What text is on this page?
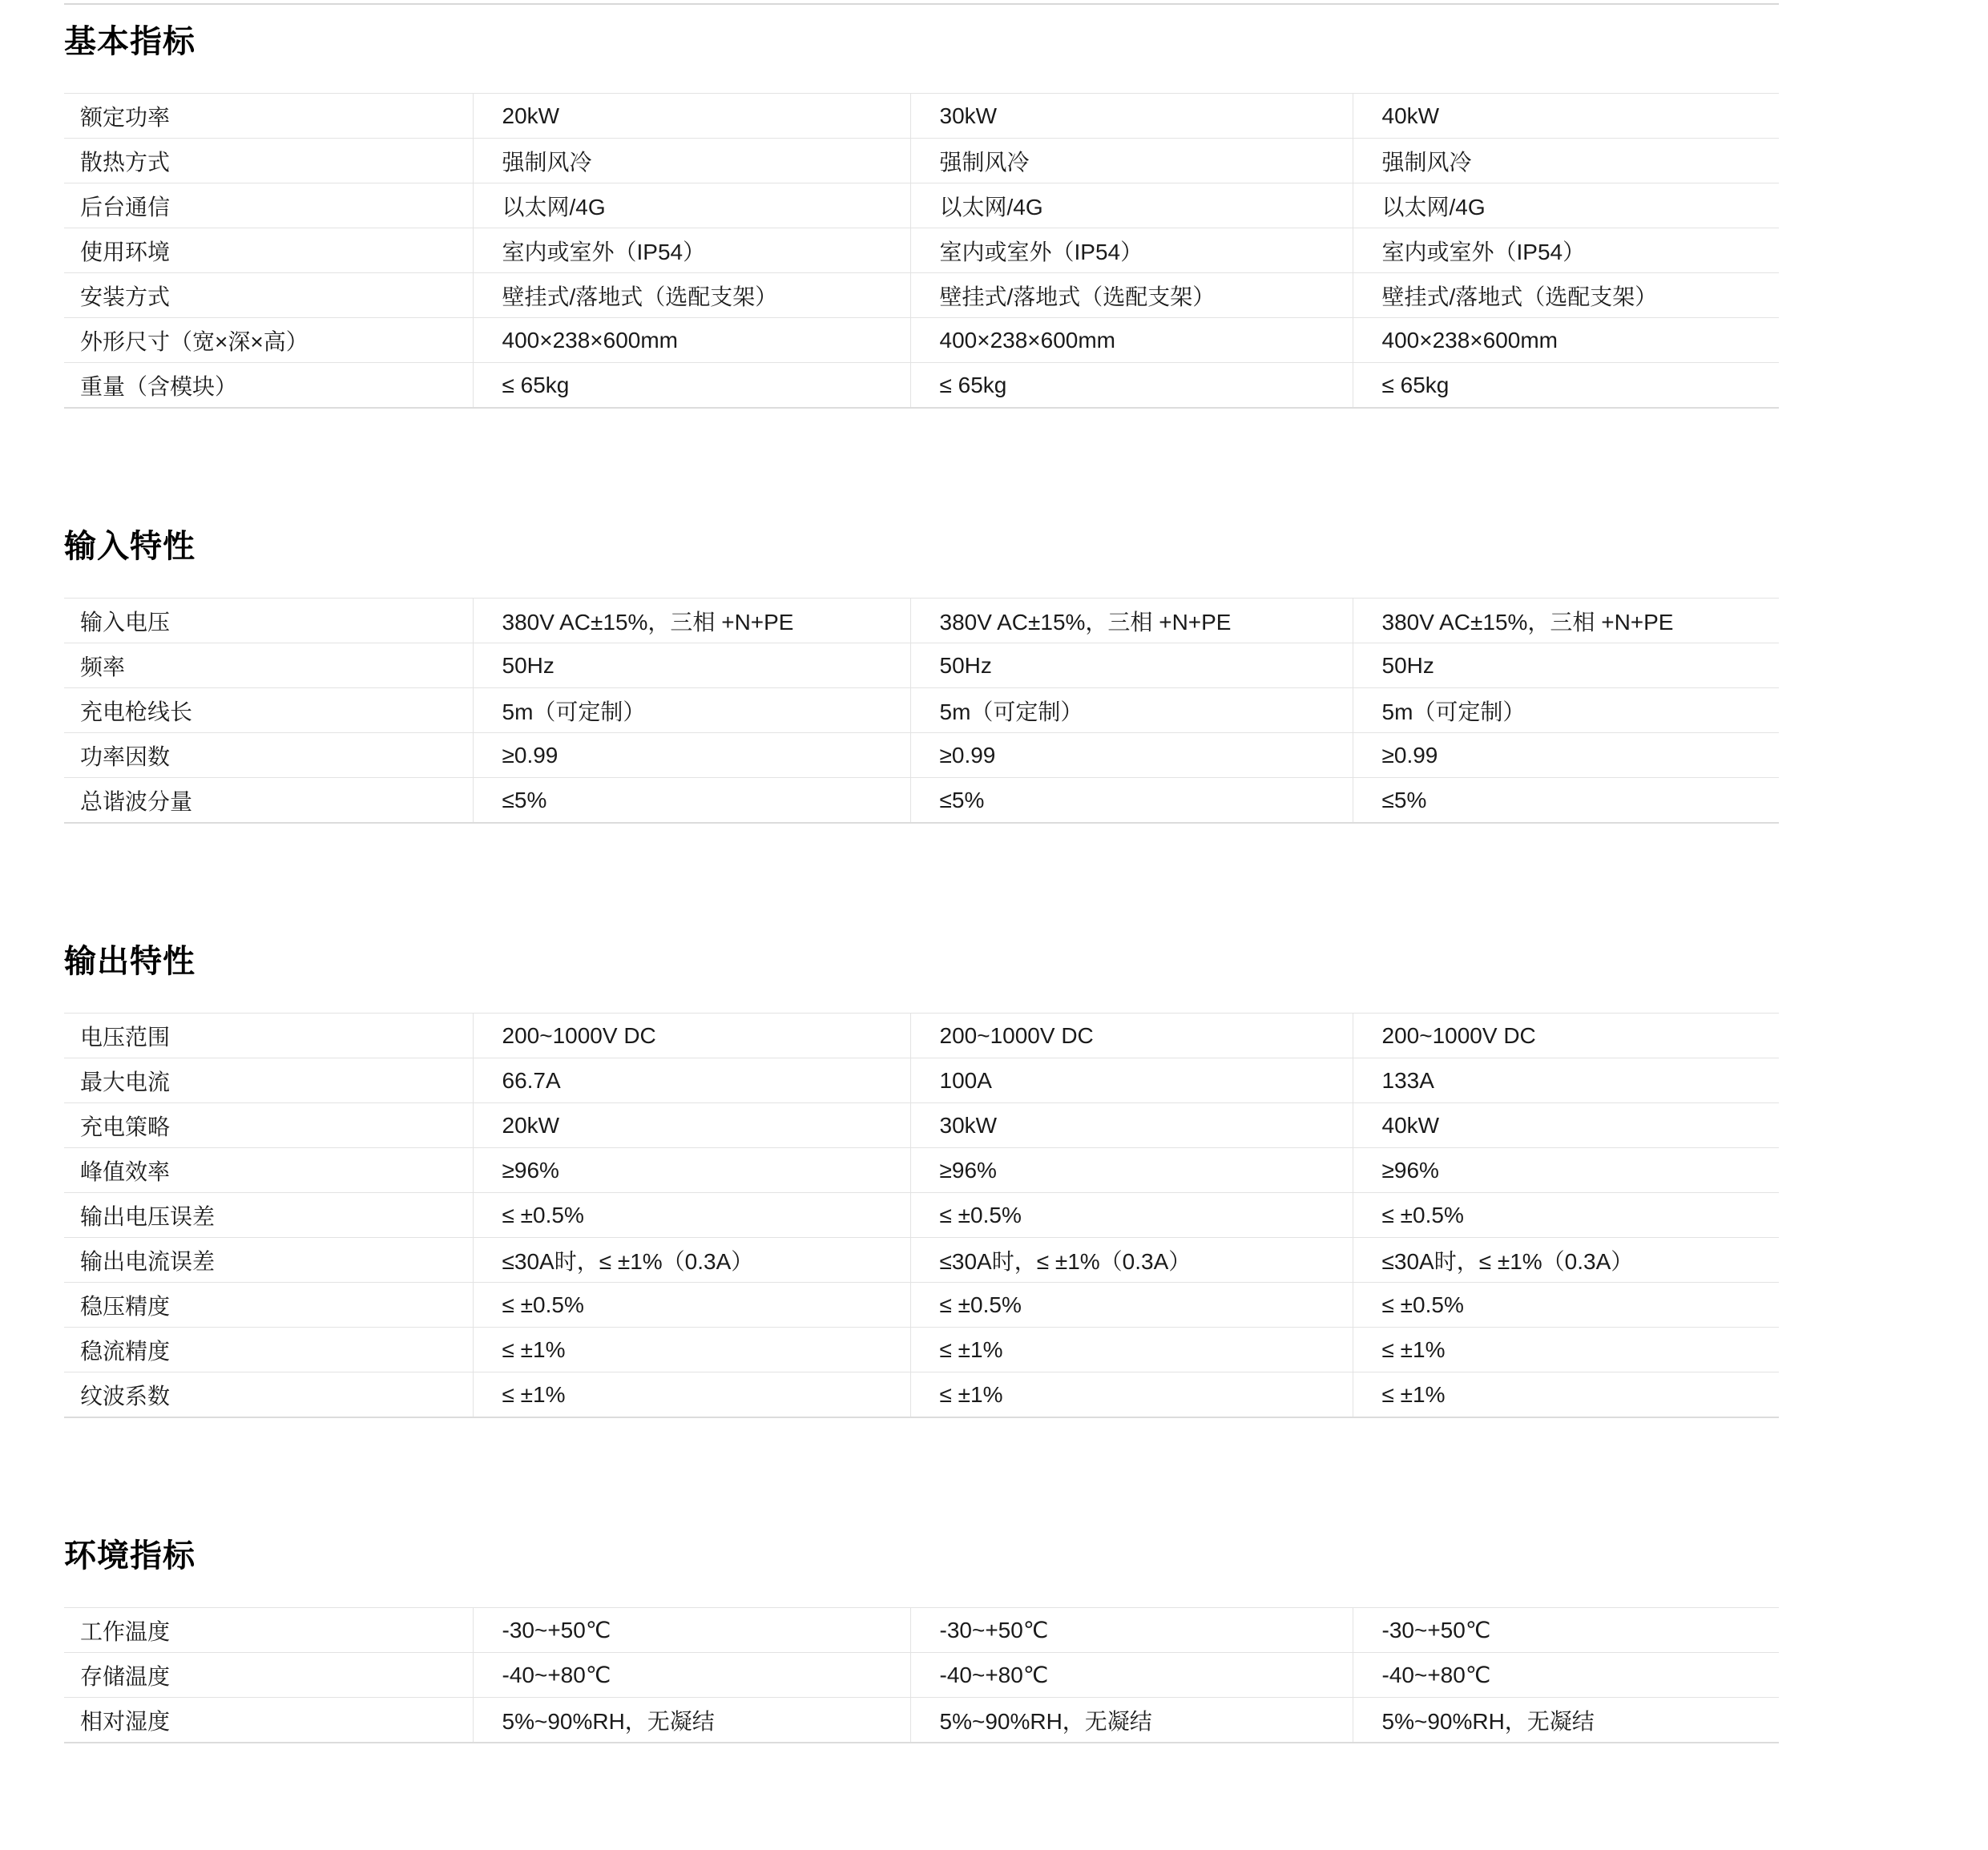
基本指标
额定功率	20kW	30kW	40kW
散热方式	强制风冷	强制风冷	强制风冷
后台通信	以太网/4G	以太网/4G	以太网/4G
使用环境	室内或室外（IP54）	室内或室外（IP54）	室内或室外（IP54）
安装方式	壁挂式/落地式（选配支架）	壁挂式/落地式（选配支架）	壁挂式/落地式（选配支架）
外形尺寸（宽×深×高）	400×238×600mm	400×238×600mm	400×238×600mm
重量（含模块）	≤ 65kg	≤ 65kg	≤ 65kg
输入特性
输入电压	380V AC±15%，三相 +N+PE	380V AC±15%，三相 +N+PE	380V AC±15%，三相 +N+PE
频率	50Hz	50Hz	50Hz
充电枪线长	5m（可定制）	5m（可定制）	5m（可定制）
功率因数	≥0.99	≥0.99	≥0.99
总谐波分量	≤5%	≤5%	≤5%
输出特性
电压范围	200~1000V DC	200~1000V DC	200~1000V DC
最大电流	66.7A	100A	133A
充电策略	20kW	30kW	40kW
峰值效率	≥96%	≥96%	≥96%
输出电压误差	≤ ±0.5%	≤ ±0.5%	≤ ±0.5%
输出电流误差	≤30A时，≤ ±1%（0.3A）	≤30A时，≤ ±1%（0.3A）	≤30A时，≤ ±1%（0.3A）
稳压精度	≤ ±0.5%	≤ ±0.5%	≤ ±0.5%
稳流精度	≤ ±1%	≤ ±1%	≤ ±1%
纹波系数	≤ ±1%	≤ ±1%	≤ ±1%
环境指标
工作温度	-30~+50℃	-30~+50℃	-30~+50℃
存储温度	-40~+80℃	-40~+80℃	-40~+80℃
相对湿度	5%~90%RH，无凝结	5%~90%RH，无凝结	5%~90%RH，无凝结
